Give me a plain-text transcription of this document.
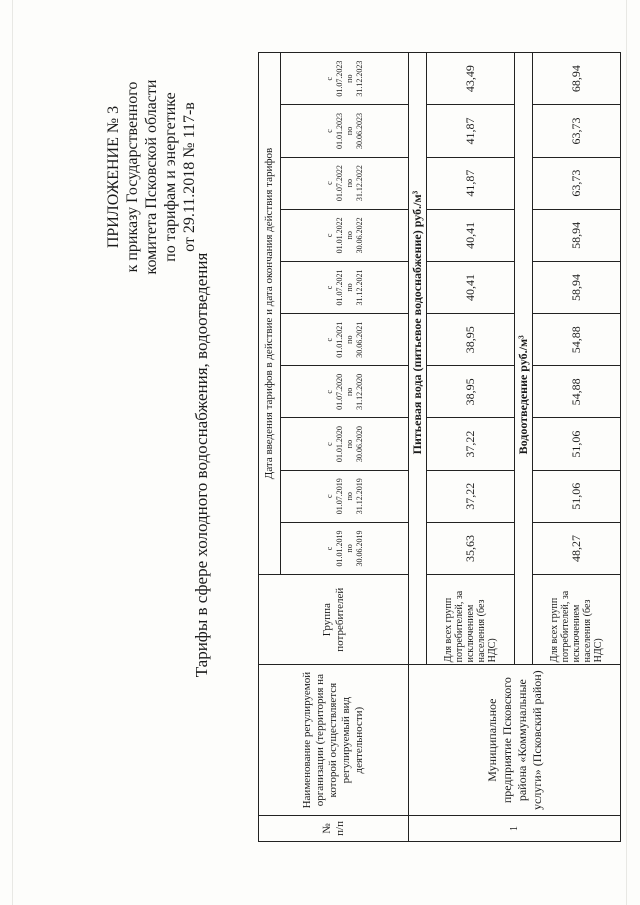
ПРИЛОЖЕНИЕ № 3 к приказу Государственного комитета Псковской области по тарифам и энергетике от 29.11.2018 № 117-в
Тарифы в сфере холодного водоснабжения, водоотведения
№ п/п	Наименование регулируемой организации (территория на которой осуществляется регулируемый вид деятельности)	Группа потребителей	Дата введения тарифов в действие и дата окончания действия тарифов									
			с
01.01.2019
по
30.06.2019	с
01.07.2019
по
31.12.2019	с
01.01.2020
по
30.06.2020	с
01.07.2020
по
31.12.2020	с
01.01.2021
по
30.06.2021	с
01.07.2021
по
31.12.2021	с
01.01.2022
по
30.06.2022	с
01.07.2022
по
31.12.2022	с
01.01.2023
по
30.06.2023	с
01.07.2023
по
31.12.2023
1	Муниципальное предприятие Псковского района «Коммунальные услуги» (Псковский район)	Питьевая вода (питьевое водоснабжение) руб./м³										
		Для всех групп потребителей, за исключением населения (без НДС)	35,63	37,22	37,22	38,95	38,95	40,41	40,41	41,87	41,87	43,49
		Водоотведение руб./м³										
		Для всех групп потребителей, за исключением населения (без НДС)	48,27	51,06	51,06	54,88	54,88	58,94	58,94	63,73	63,73	68,94
